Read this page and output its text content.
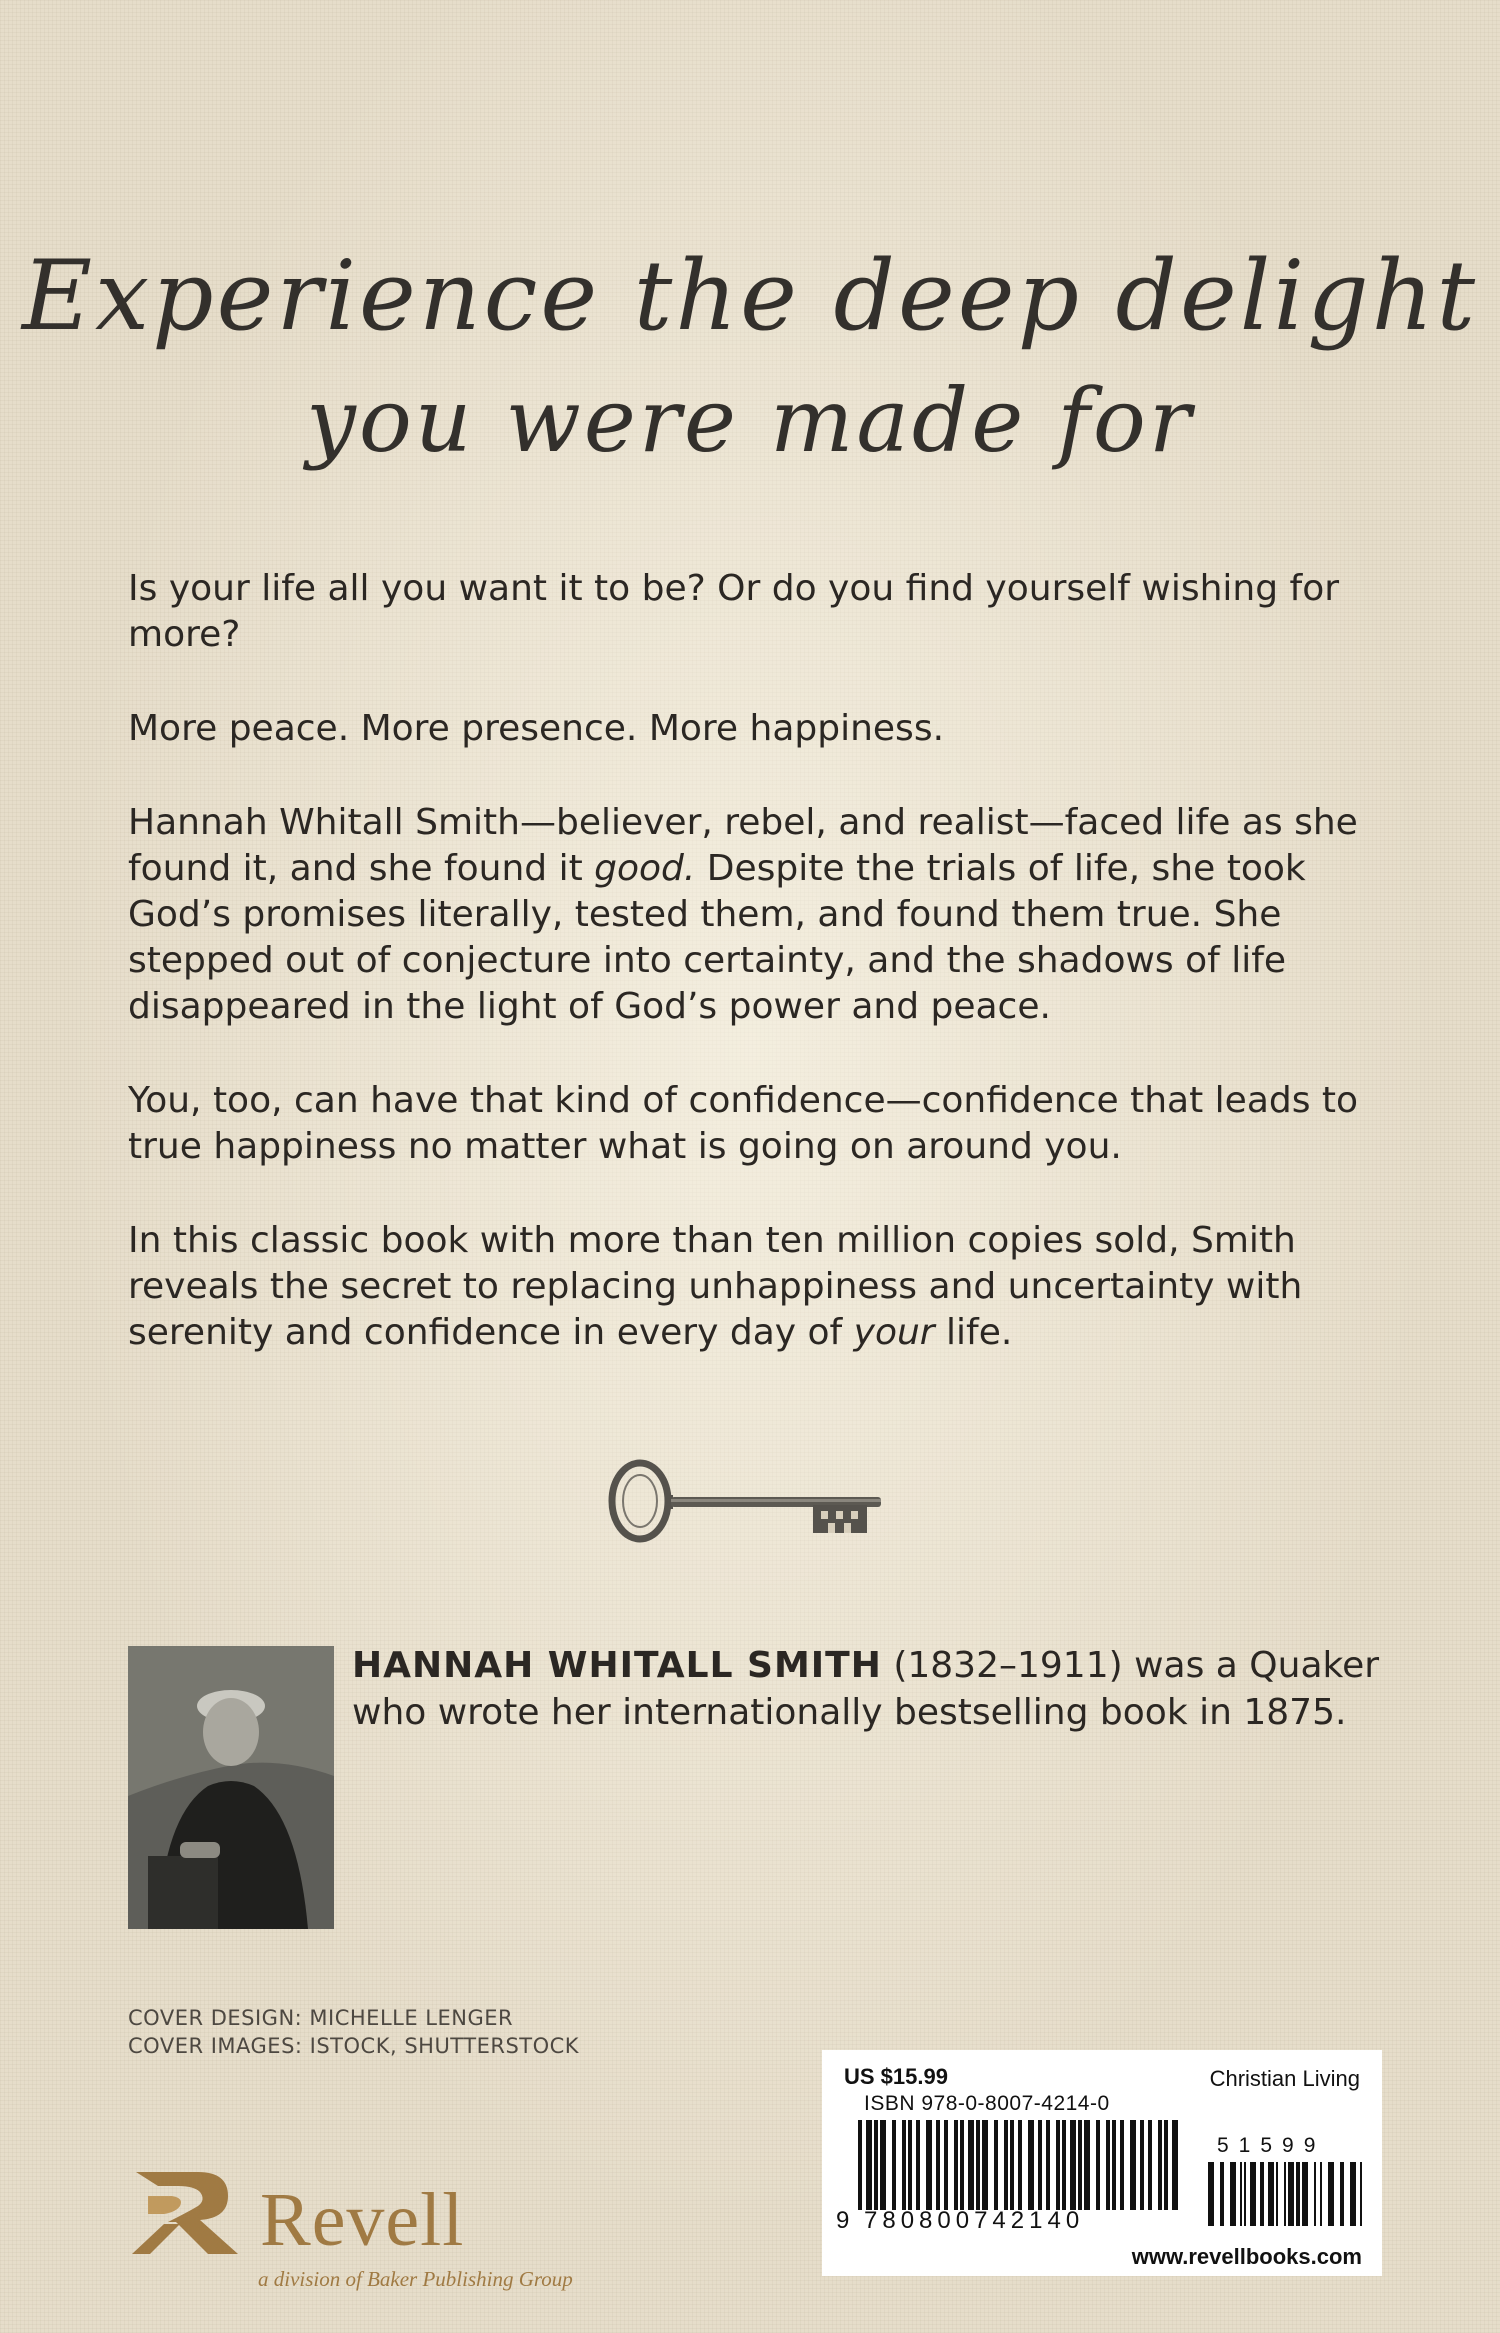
Experience the deep delight
you were made for

Is your life all you want it to be? Or do you find yourself wishing for more?

More peace. More presence. More happiness.

Hannah Whitall Smith—believer, rebel, and realist—faced life as she found it, and she found it good. Despite the trials of life, she took God’s promises literally, tested them, and found them true. She stepped out of conjecture into certainty, and the shadows of life disappeared in the light of God’s power and peace.

You, too, can have that kind of confidence—confidence that leads to true happiness no matter what is going on around you.

In this classic book with more than ten million copies sold, Smith reveals the secret to replacing unhappiness and uncertainty with serenity and confidence in every day of your life.

HANNAH WHITALL SMITH (1832–1911) was a Quaker who wrote her internationally bestselling book in 1875.
COVER DESIGN: MICHELLE LENGER
COVER IMAGES: ISTOCK, SHUTTERSTOCK
US $15.99	Christian Living
ISBN 978-0-8007-4214-0
51599
9 780800742140
www.revellbooks.com
Revell
a division of Baker Publishing Group
